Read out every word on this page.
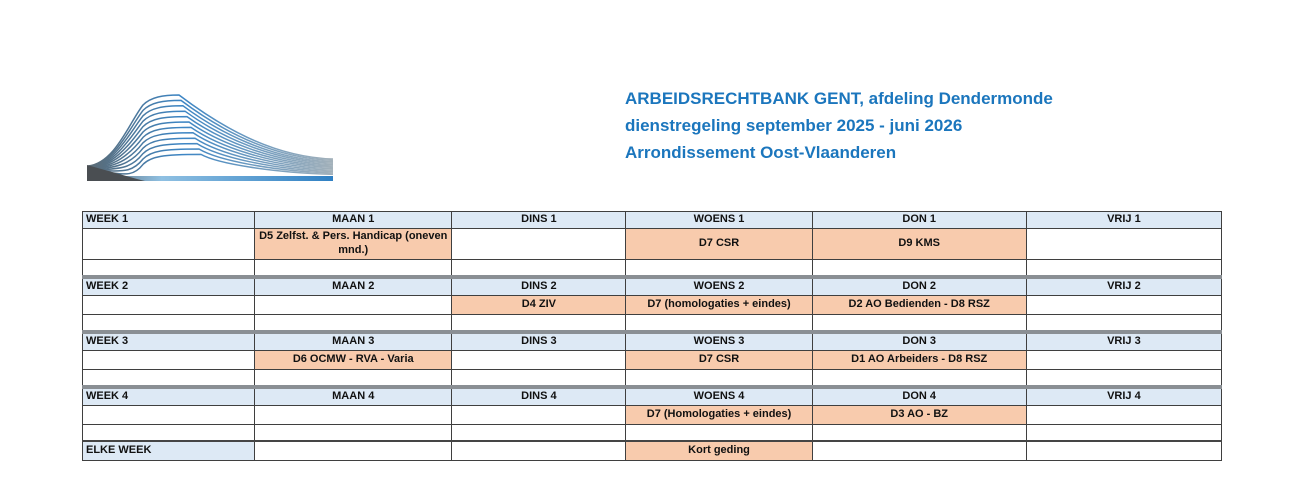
ARBEIDSRECHTBANK GENT, afdeling Dendermonde
dienstregeling september 2025 - juni 2026
Arrondissement Oost-Vlaanderen
WEEK 1	MAAN 1	DINS 1	WOENS 1	DON 1	VRIJ 1
	D5 Zelfst. & Pers. Handicap (oneven mnd.)		D7 CSR	D9 KMS	

WEEK 2	MAAN 2	DINS 2	WOENS 2	DON 2	VRIJ 2
		D4 ZIV	D7 (homologaties + eindes)	D2 AO Bedienden - D8 RSZ	

WEEK 3	MAAN 3	DINS 3	WOENS 3	DON 3	VRIJ 3
	D6 OCMW - RVA - Varia		D7 CSR	D1 AO Arbeiders - D8 RSZ	

WEEK 4	MAAN 4	DINS 4	WOENS 4	DON 4	VRIJ 4
			D7 (Homologaties + eindes)	D3 AO - BZ	

ELKE WEEK			Kort geding		
